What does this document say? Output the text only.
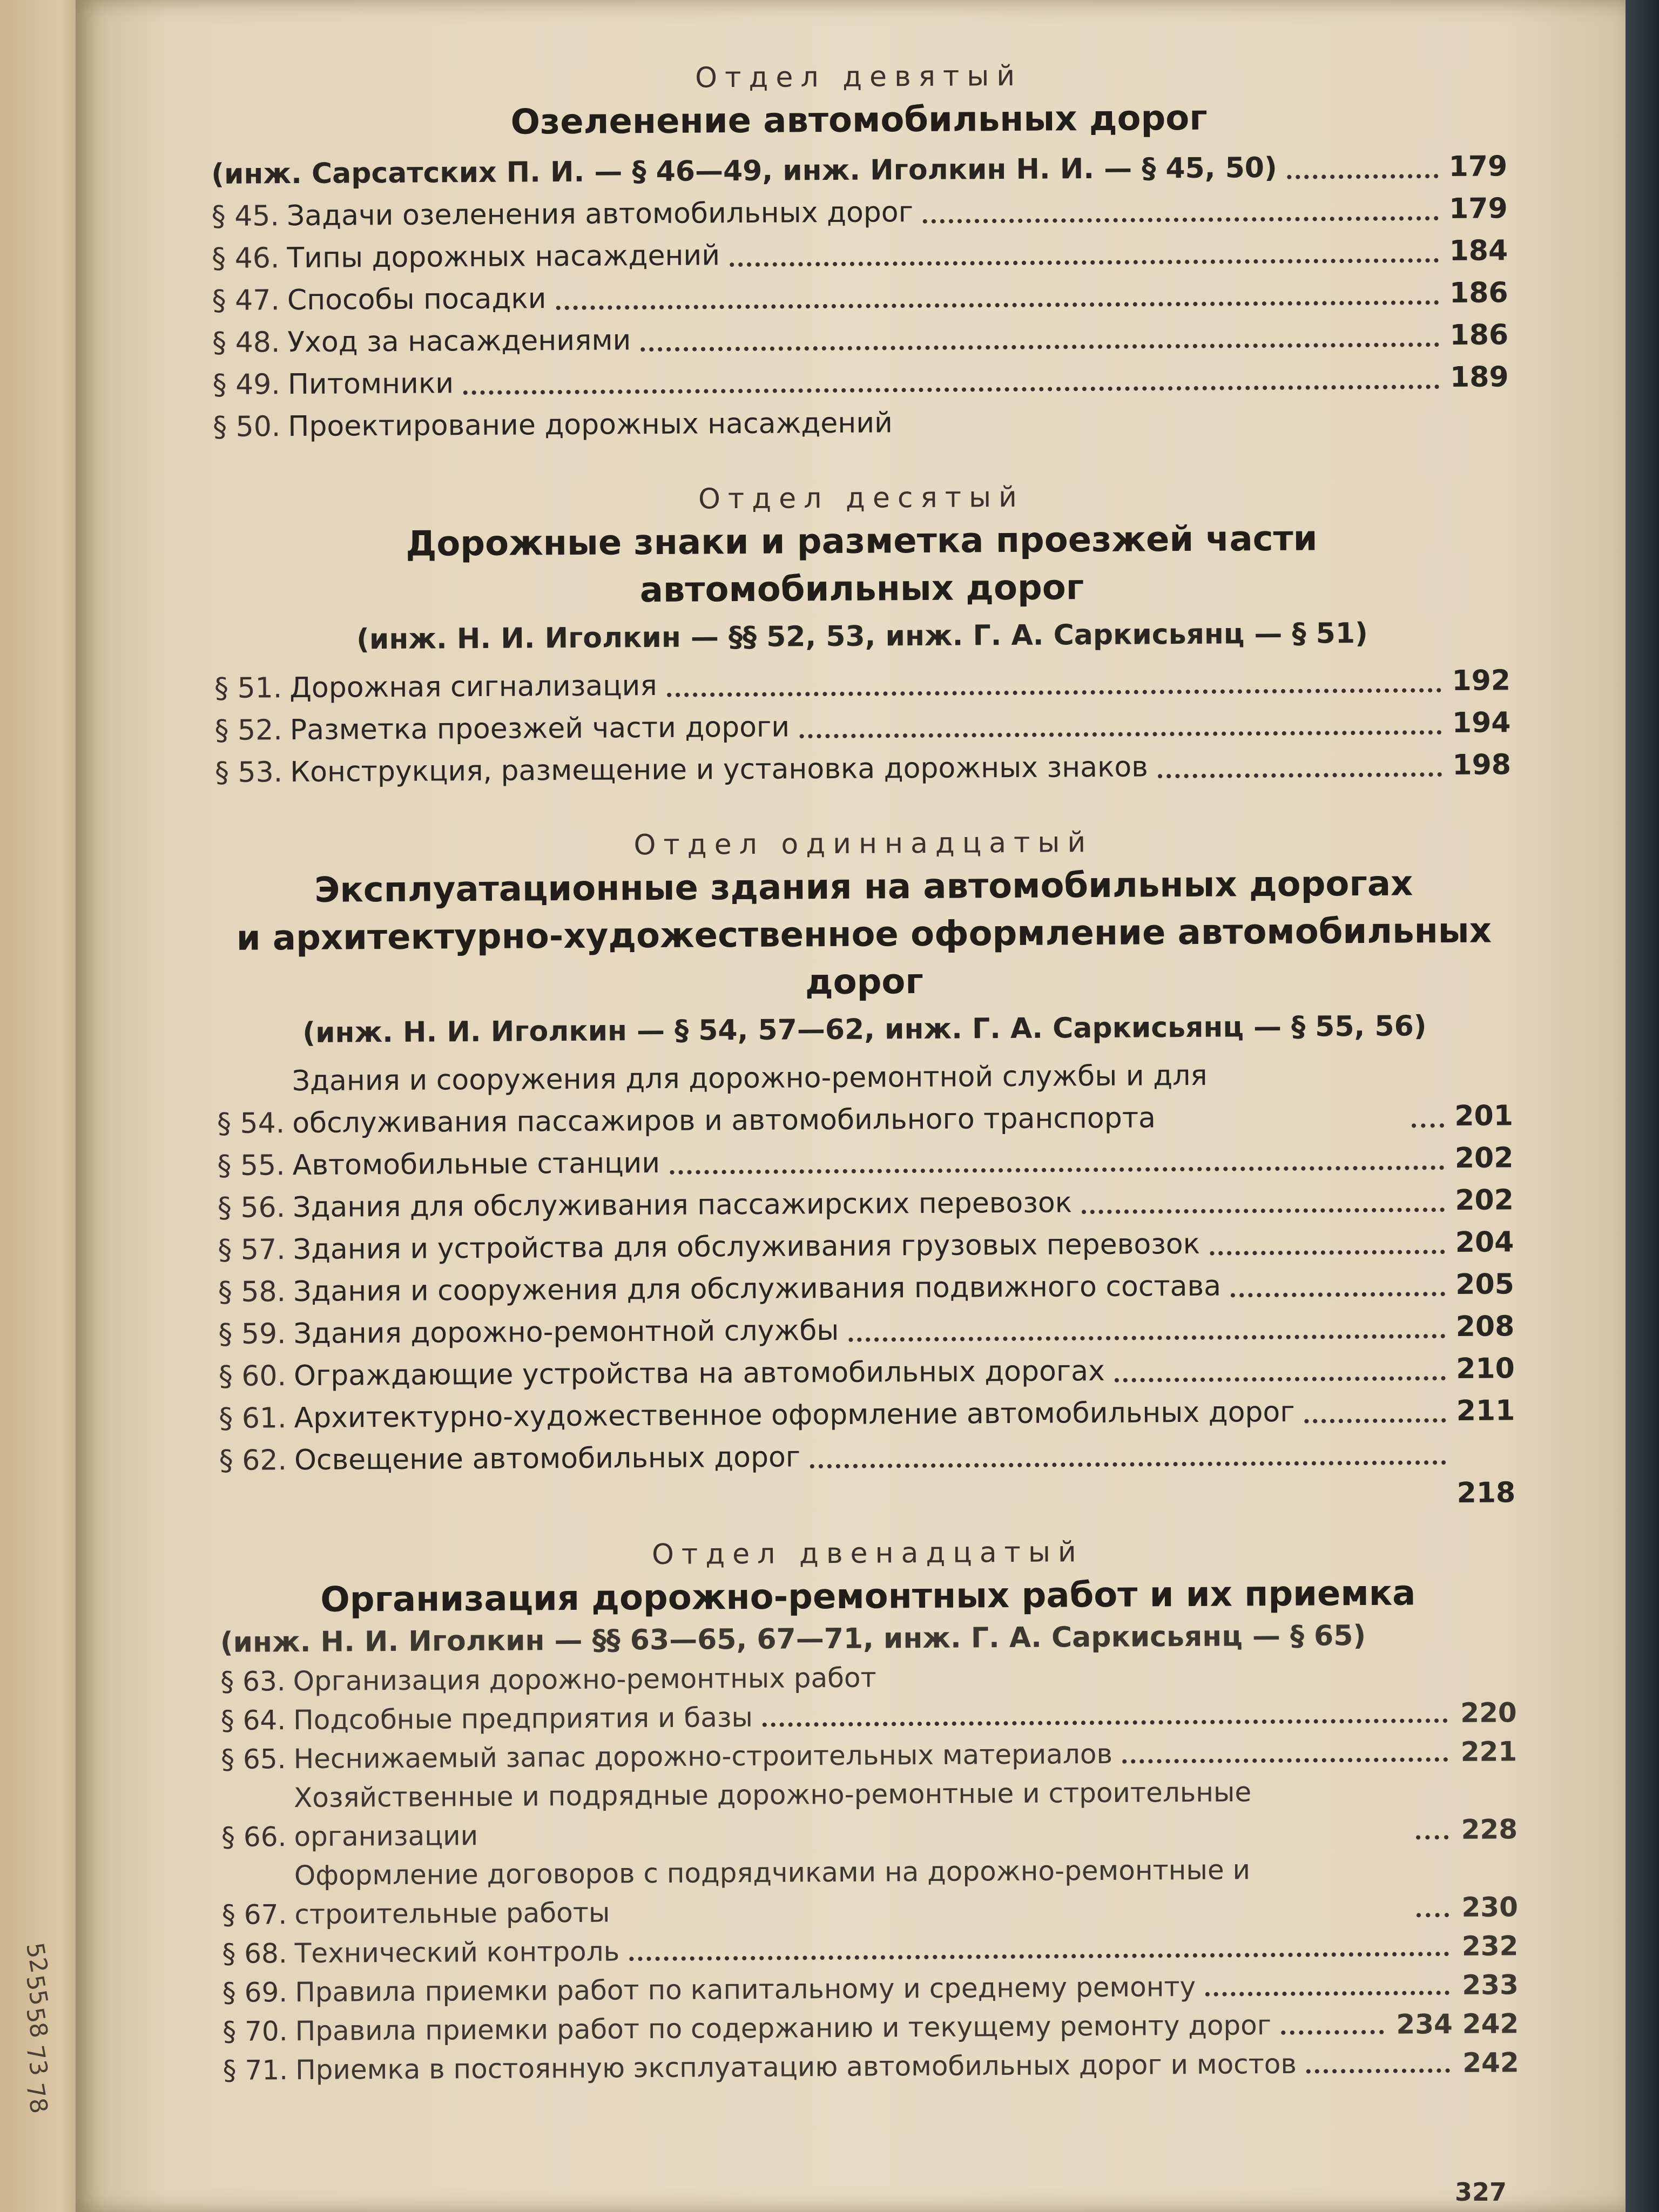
52
55
58
73
78
Отдел девятый
Озеленение автомобильных дорог
(инж. Сарсатских П. И. — § 46—49, инж. Иголкин Н. И. — § 45, 50)	179
§ 45. Задачи озеленения автомобильных дорог	179
§ 46. Типы дорожных насаждений	184
§ 47. Способы посадки	186
§ 48. Уход за насаждениями	186
§ 49. Питомники	189
§ 50. Проектирование дорожных насаждений
Отдел десятый
Дорожные знаки и разметка проезжей части
автомобильных дорог
(инж. Н. И. Иголкин — §§ 52, 53, инж. Г. А. Саркисьянц — § 51)
§ 51. Дорожная сигнализация	192
§ 52. Разметка проезжей части дороги	194
§ 53. Конструкция, размещение и установка дорожных знаков	198
Отдел одиннадцатый
Эксплуатационные здания на автомобильных дорогах
и архитектурно-художественное оформление автомобильных
дорог
(инж. Н. И. Иголкин — § 54, 57—62, инж. Г. А. Саркисьянц — § 55, 56)
§ 54.
Здания и сооружения для дорожно-ремонтной службы и для обслуживания пассажиров и автомобильного транспорта	201
§ 55. Автомобильные станции	202
§ 56. Здания для обслуживания пассажирских перевозок	202
§ 57. Здания и устройства для обслуживания грузовых перевозок	204
§ 58. Здания и сооружения для обслуживания подвижного состава	205
§ 59. Здания дорожно-ремонтной службы	208
§ 60. Ограждающие устройства на автомобильных дорогах	210
§ 61. Архитектурно-художественное оформление автомобильных дорог	211
§ 62. Освещение автомобильных дорог
218
Отдел двенадцатый
Организация дорожно-ремонтных работ и их приемка
(инж. Н. И. Иголкин — §§ 63—65, 67—71, инж. Г. А. Саркисьянц — § 65)
§ 63. Организация дорожно-ремонтных работ
§ 64. Подсобные предприятия и базы	220
§ 65. Неснижаемый запас дорожно-строительных материалов	221
§ 66.
Хозяйственные и подрядные дорожно-ремонтные и строительные организации	228
§ 67.
Оформление договоров с подрядчиками на дорожно-ремонтные и строительные работы	230
§ 68. Технический контроль	232
§ 69. Правила приемки работ по капитальному и среднему ремонту	233
§ 70. Правила приемки работ по содержанию и текущему ремонту дорог	234 242
§ 71. Приемка в постоянную эксплуатацию автомобильных дорог и мостов	242
327
